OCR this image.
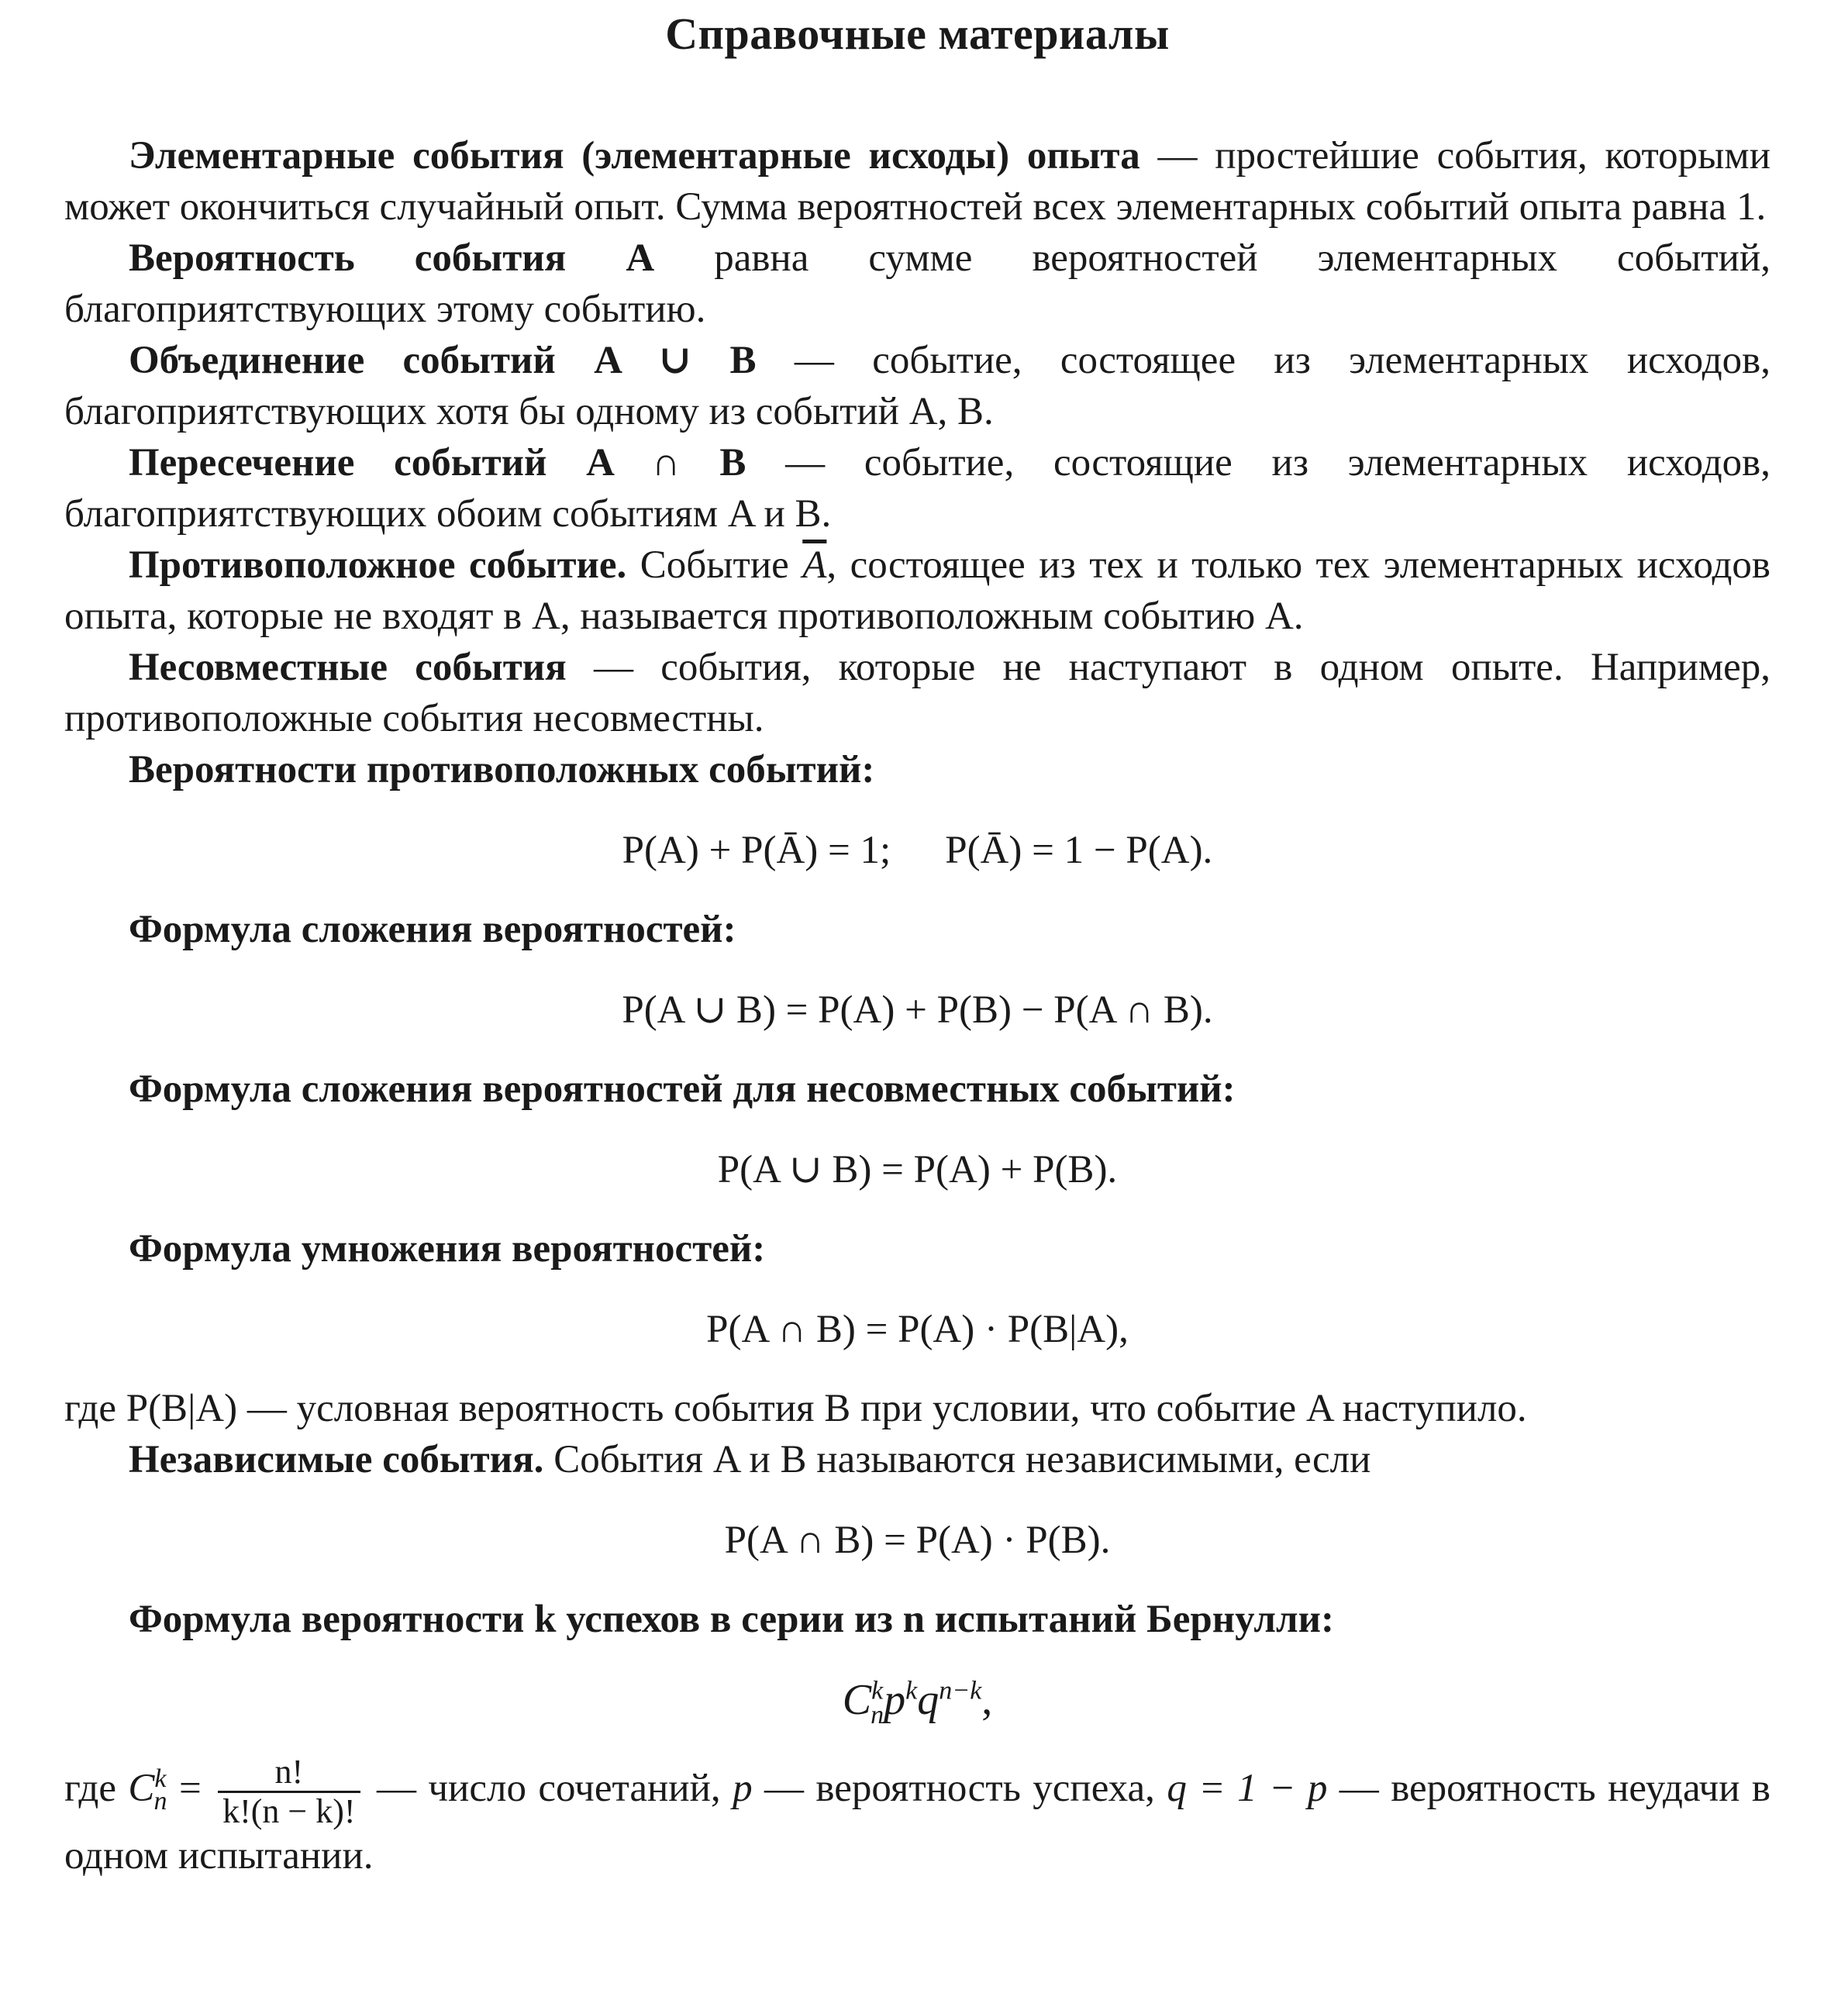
Справочные материалы

Элементарные события (элементарные исходы) опыта — простейшие события, которыми может окончиться случайный опыт. Сумма вероятностей всех элементарных событий опыта равна 1.

Вероятность события A равна сумме вероятностей элементарных событий, благоприятствующих этому событию.

Объединение событий A ∪ B — событие, состоящее из элементарных исходов, благоприятствующих хотя бы одному из событий A, B.

Пересечение событий A ∩ B — событие, состоящие из элементарных исходов, благоприятствующих обоим событиям A и B.

Противоположное событие. Событие $\overline{A}$, состоящее из тех и только тех элементарных исходов опыта, которые не входят в A, называется противоположным событию A.

Несовместные события — события, которые не наступают в одном опыте. Например, противоположные события несовместны.

Вероятности противоположных событий:

P(A) + P(Ā) = 1; P(Ā) = 1 − P(A).

Формула сложения вероятностей:

P(A ∪ B) = P(A) + P(B) − P(A ∩ B).

Формула сложения вероятностей для несовместных событий:

P(A ∪ B) = P(A) + P(B).

Формула умножения вероятностей:

P(A ∩ B) = P(A) · P(B|A),

где P(B|A) — условная вероятность события B при условии, что событие A наступило.

Независимые события. События A и B называются независимыми, если

P(A ∩ B) = P(A) · P(B).

Формула вероятности k успехов в серии из n испытаний Бернулли:

$C^k_np^kq^{n-k}$,

где $C^k_n = \frac{n!}{k!(n - k)!}$ — число сочетаний, p — вероятность успеха, q = 1 − p — вероятность неудачи в одном испытании.
